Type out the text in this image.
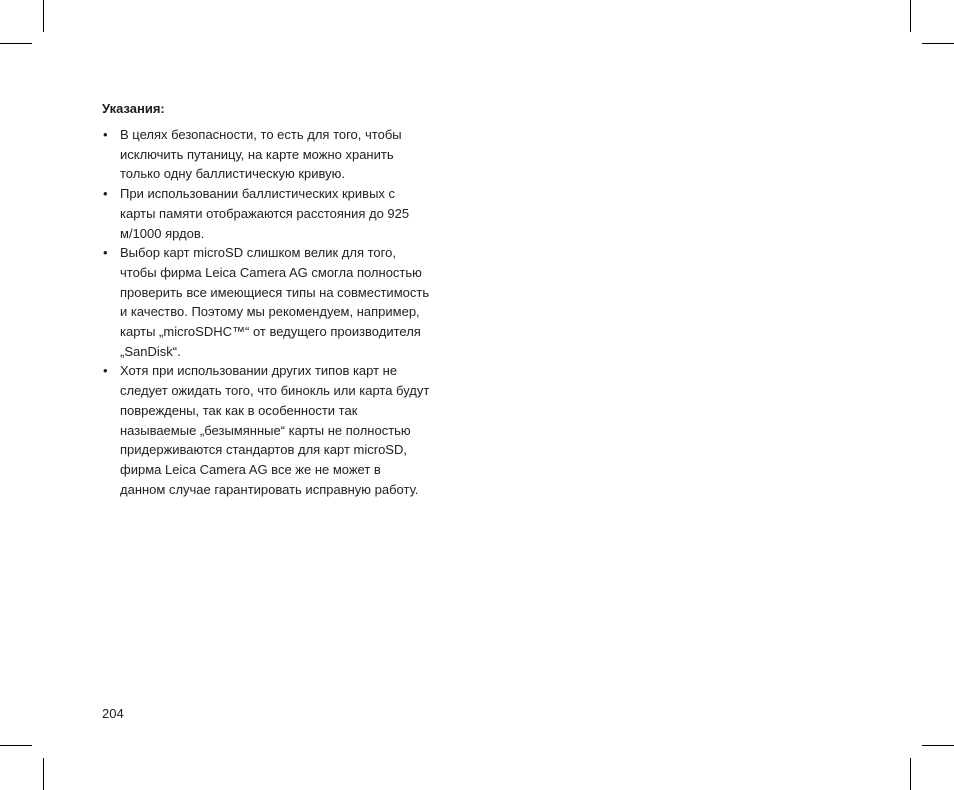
Указания:
• В целях безопасности, то есть для того, чтобы
исключить путаницу, на карте можно хранить
только одну баллистическую кривую.

• При использовании баллистических кривых с
карты памяти отображаются расстояния до 925
м/1000 ярдов.

• Выбор карт microSD слишком велик для того,
чтобы фирма Leica Camera AG смогла полностью
проверить все имеющиеся типы на совместимость
и качество. Поэтому мы рекомендуем, например,
карты „microSDHC™“ от ведущего производителя
„SanDisk“.

• Хотя при использовании других типов карт не
следует ожидать того, что бинокль или карта будут
повреждены, так как в особенности так
называемые „безымянные“ карты не полностью
придерживаются стандартов для карт microSD,
фирма Leica Camera AG все же не может в
данном случае гарантировать исправную работу.

204
